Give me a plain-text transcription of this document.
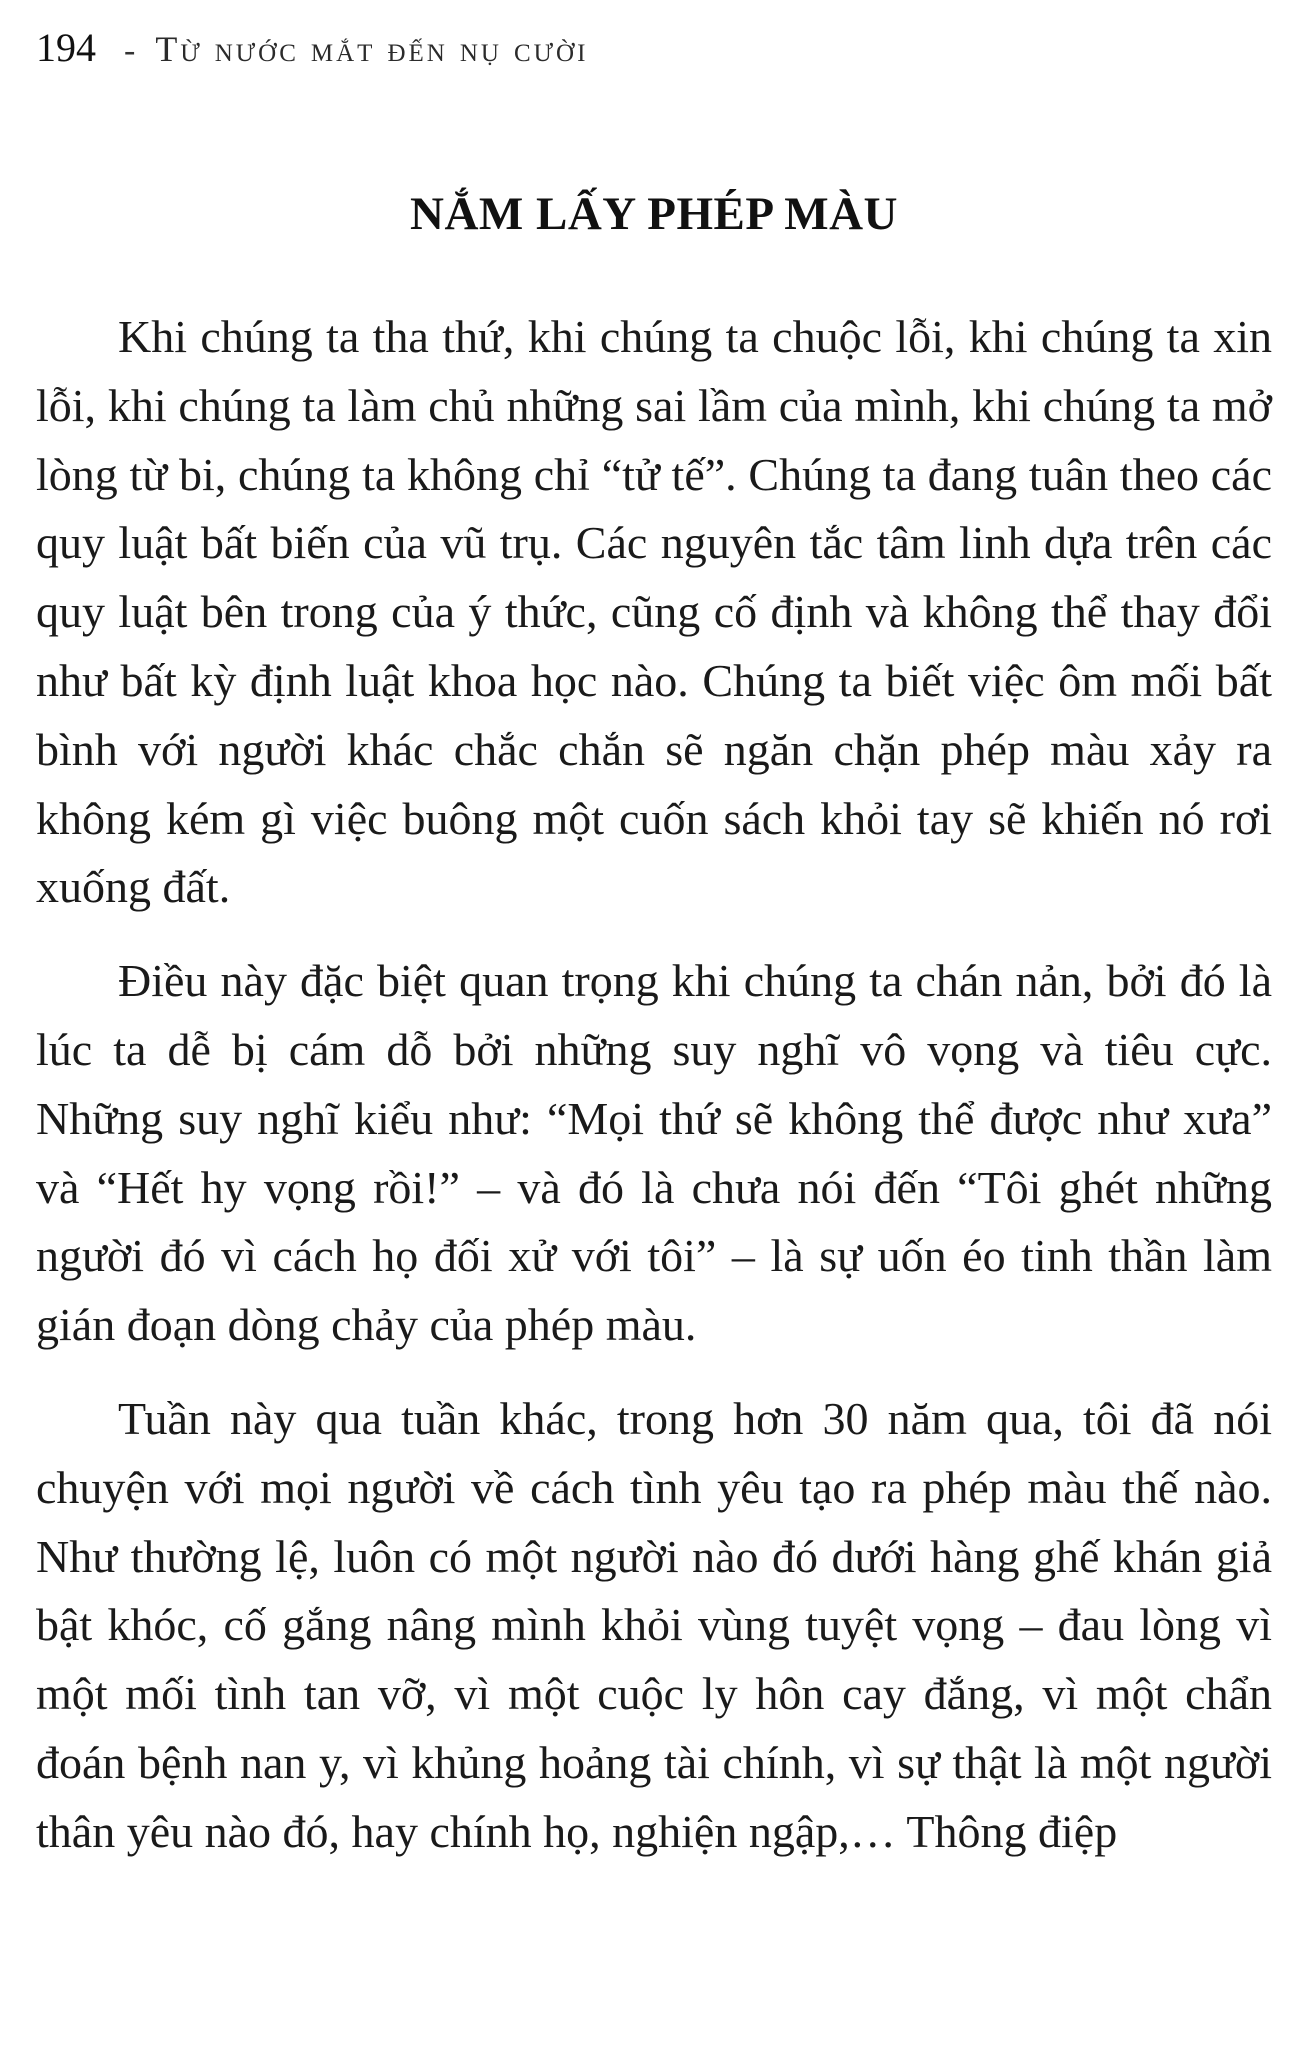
194 - Từ nước mắt đến nụ cười
NẮM LẤY PHÉP MÀU

Khi chúng ta tha thứ, khi chúng ta chuộc lỗi, khi chúng ta xin lỗi, khi chúng ta làm chủ những sai lầm của mình, khi chúng ta mở lòng từ bi, chúng ta không chỉ “tử tế”. Chúng ta đang tuân theo các quy luật bất biến của vũ trụ. Các nguyên tắc tâm linh dựa trên các quy luật bên trong của ý thức, cũng cố định và không thể thay đổi như bất kỳ định luật khoa học nào. Chúng ta biết việc ôm mối bất bình với người khác chắc chắn sẽ ngăn chặn phép màu xảy ra không kém gì việc buông một cuốn sách khỏi tay sẽ khiến nó rơi xuống đất.

Điều này đặc biệt quan trọng khi chúng ta chán nản, bởi đó là lúc ta dễ bị cám dỗ bởi những suy nghĩ vô vọng và tiêu cực. Những suy nghĩ kiểu như: “Mọi thứ sẽ không thể được như xưa” và “Hết hy vọng rồi!” – và đó là chưa nói đến “Tôi ghét những người đó vì cách họ đối xử với tôi” – là sự uốn éo tinh thần làm gián đoạn dòng chảy của phép màu.

Tuần này qua tuần khác, trong hơn 30 năm qua, tôi đã nói chuyện với mọi người về cách tình yêu tạo ra phép màu thế nào. Như thường lệ, luôn có một người nào đó dưới hàng ghế khán giả bật khóc, cố gắng nâng mình khỏi vùng tuyệt vọng – đau lòng vì một mối tình tan vỡ, vì một cuộc ly hôn cay đắng, vì một chẩn đoán bệnh nan y, vì khủng hoảng tài chính, vì sự thật là một người thân yêu nào đó, hay chính họ, nghiện ngập,… Thông điệp
